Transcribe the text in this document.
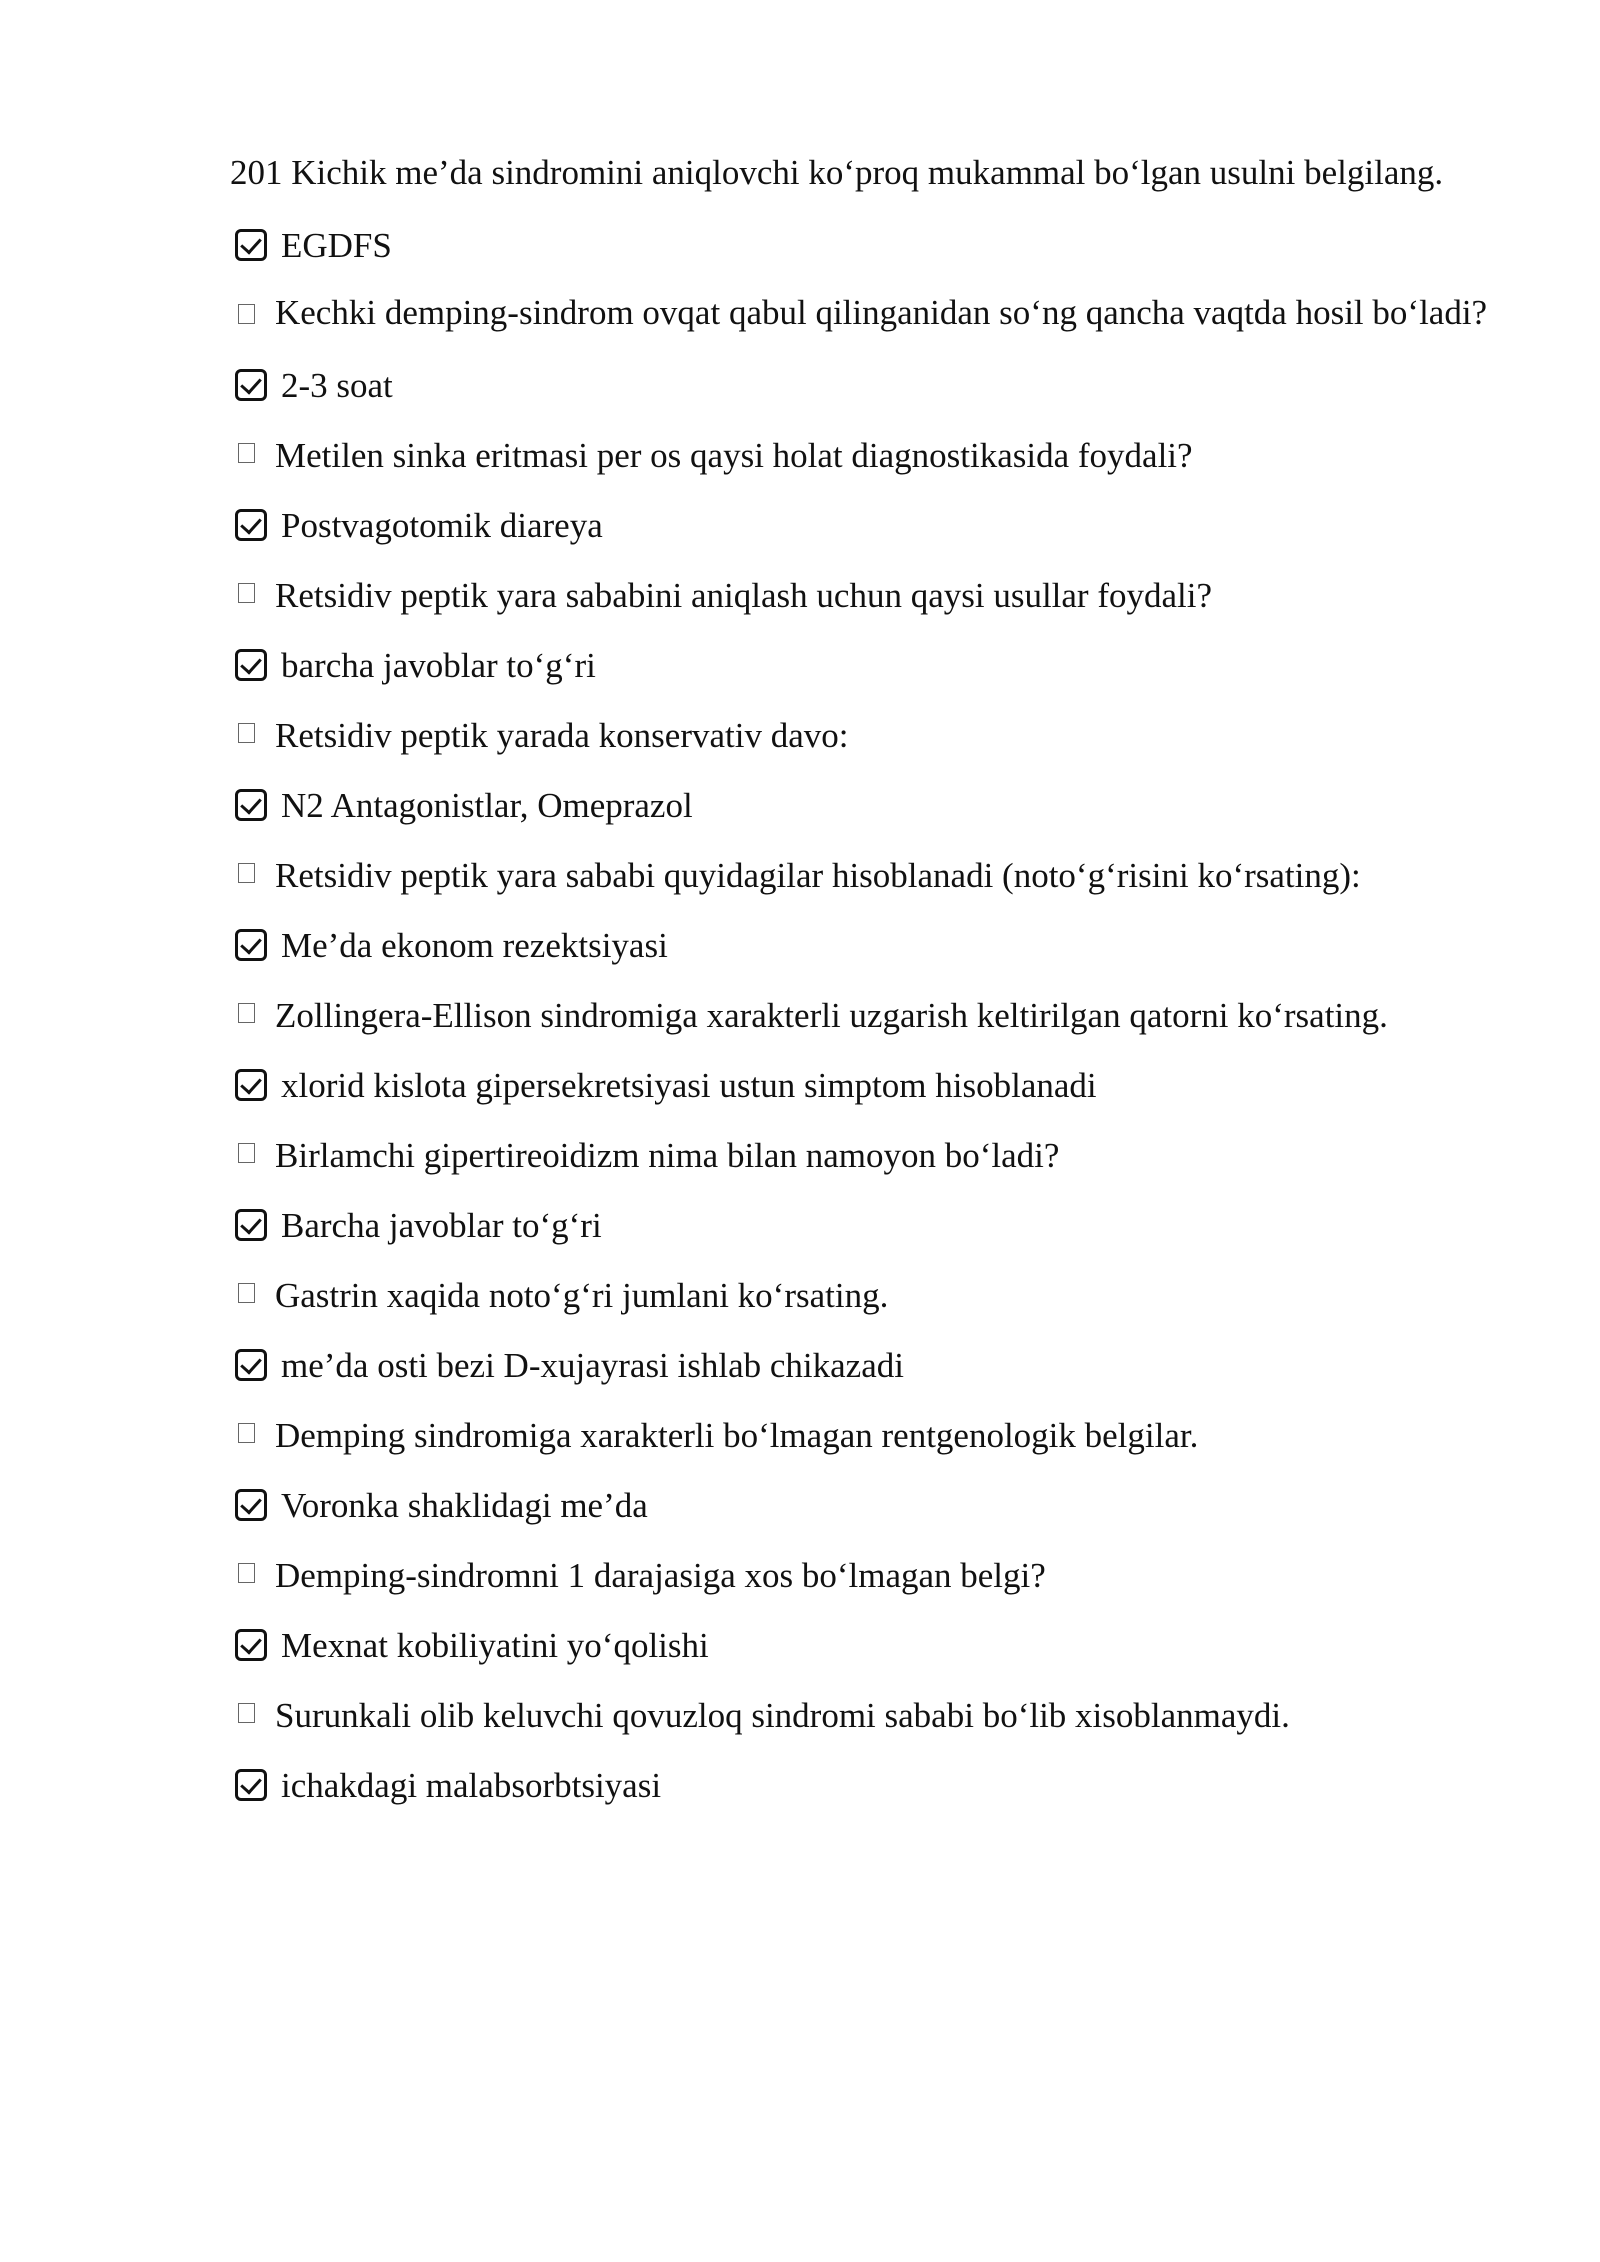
201 Kichik me’da sindromini aniqlovchi ko‘proq mukammal bo‘lgan usulni belgilang.
EGDFS
Kechki demping-sindrom ovqat qabul qilinganidan so‘ng qancha vaqtda hosil bo‘ladi?
2-3 soat
Metilen sinka eritmasi per os qaysi holat diagnostikasida foydali?
Postvagotomik diareya
Retsidiv peptik yara sababini aniqlash uchun qaysi usullar foydali?
barcha javoblar to‘g‘ri
Retsidiv peptik yarada konservativ davo:
N2 Antagonistlar, Omeprazol
Retsidiv peptik yara sababi quyidagilar hisoblanadi (noto‘g‘risini ko‘rsating):
Me’da ekonom rezektsiyasi
Zollingera-Ellison sindromiga xarakterli uzgarish keltirilgan qatorni ko‘rsating.
xlorid kislota gipersekretsiyasi ustun simptom hisoblanadi
Birlamchi gipertireoidizm nima bilan namoyon bo‘ladi?
Barcha javoblar to‘g‘ri
Gastrin xaqida noto‘g‘ri jumlani ko‘rsating.
me’da osti bezi D-xujayrasi ishlab chikazadi
Demping sindromiga xarakterli bo‘lmagan rentgenologik belgilar.
Voronka shaklidagi me’da
Demping-sindromni 1 darajasiga xos bo‘lmagan belgi?
Mexnat kobiliyatini yo‘qolishi
Surunkali olib keluvchi qovuzloq sindromi sababi bo‘lib xisoblanmaydi.
ichakdagi malabsorbtsiyasi
